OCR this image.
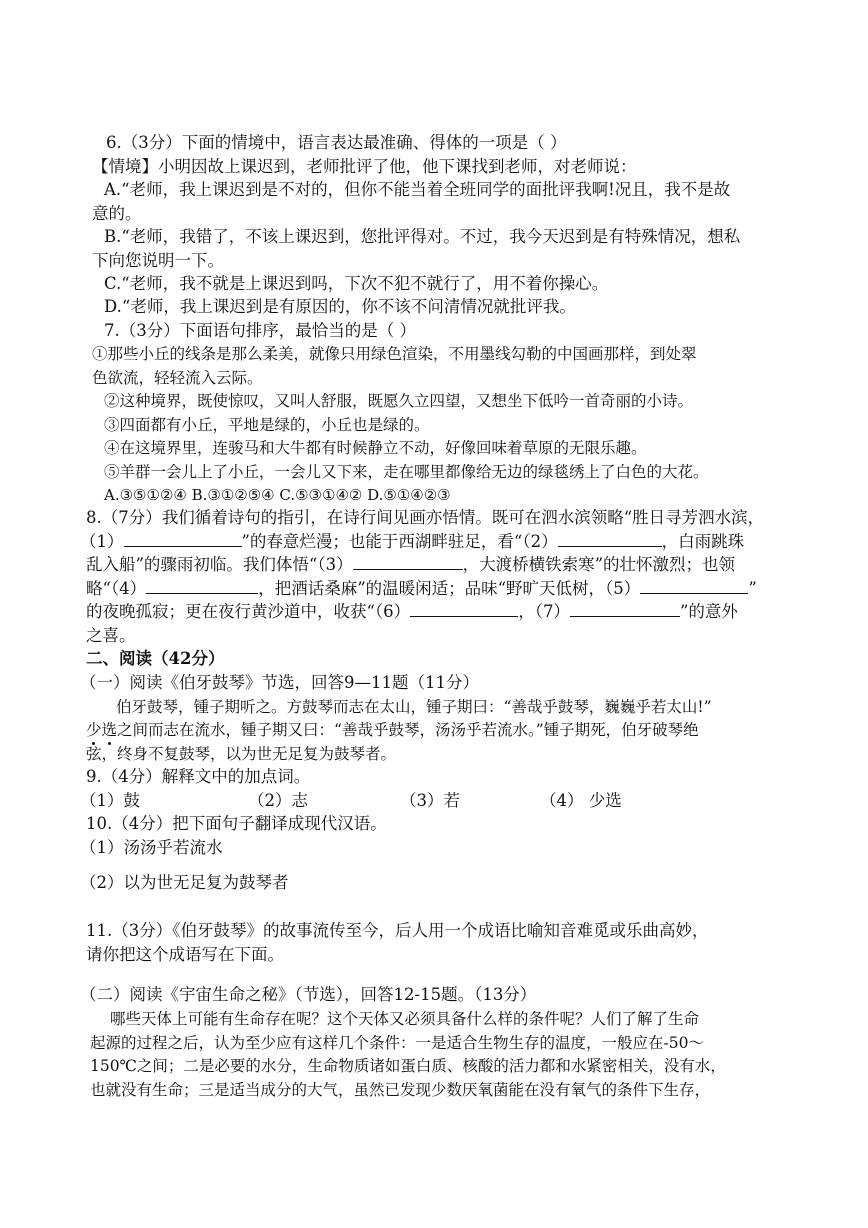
6.（3分）下面的情境中，语言表达最准确、得体的一项是（ ）

【情境】小明因故上课迟到，老师批评了他，他下课找到老师，对老师说：

A.“老师，我上课迟到是不对的，但你不能当着全班同学的面批评我啊!况且，我不是故

意的。

B.“老师，我错了，不该上课迟到，您批评得对。不过，我今天迟到是有特殊情况，想私

下向您说明一下。

C.“老师，我不就是上课迟到吗，下次不犯不就行了，用不着你操心。

D.“老师，我上课迟到是有原因的，你不该不问清情况就批评我。

7.（3分）下面语句排序，最恰当的是（ ）

①那些小丘的线条是那么柔美，就像只用绿色渲染，不用墨线勾勒的中国画那样，到处翠

色欲流，轻轻流入云际。

②这种境界，既使惊叹，又叫人舒服，既愿久立四望，又想坐下低吟一首奇丽的小诗。

③四面都有小丘，平地是绿的，小丘也是绿的。

④在这境界里，连骏马和大牛都有时候静立不动，好像回味着草原的无限乐趣。

⑤羊群一会儿上了小丘，一会儿又下来，走在哪里都像给无边的绿毯绣上了白色的大花。

A.③⑤①②④ B.③①②⑤④ C.⑤③①④② D.⑤①④②③

8.（7分）我们循着诗句的指引，在诗行间见画亦悟情。既可在泗水滨领略“胜日寻芳泗水滨，

（1）	”的春意烂漫；也能于西湖畔驻足，看“（2）	，白雨跳珠

乱入船”的骤雨初临。我们体悟“（3）	，大渡桥横铁索寒”的壮怀激烈；也领

略“（4）	，把酒话桑麻”的温暖闲适；品味“野旷天低树，（5）	”

的夜晚孤寂；更在夜行黄沙道中，收获“（6）	，（7）	”的意外

之喜。

二、阅读（42分）

（一）阅读《伯牙鼓琴》节选，回答9—11题（11分）

伯牙鼓琴，锺子期听之。方鼓琴而志在太山，锺子期曰：“善哉乎鼓琴，巍巍乎若太山!”

少选之间而志在流水，锺子期又曰：“善哉乎鼓琴，汤汤乎若流水。”锺子期死，伯牙破琴绝

弦，终身不复鼓琴，以为世无足复为鼓琴者。

9.（4分）解释文中的加点词。

（1）鼓	（2）志	（3）若	（4） 少选

10.（4分）把下面句子翻译成现代汉语。

（1）汤汤乎若流水

（2）以为世无足复为鼓琴者

11.（3分）《伯牙鼓琴》的故事流传至今，后人用一个成语比喻知音难觅或乐曲高妙，

请你把这个成语写在下面。

（二）阅读《宇宙生命之秘》（节选），回答12-15题。（13分）

哪些天体上可能有生命存在呢？这个天体又必须具备什么样的条件呢？人们了解了生命

起源的过程之后，认为至少应有这样几个条件：一是适合生物生存的温度，一般应在-50～

150℃之间；二是必要的水分，生命物质诸如蛋白质、核酸的活力都和水紧密相关，没有水，

也就没有生命；三是适当成分的大气，虽然已发现少数厌氧菌能在没有氧气的条件下生存，
